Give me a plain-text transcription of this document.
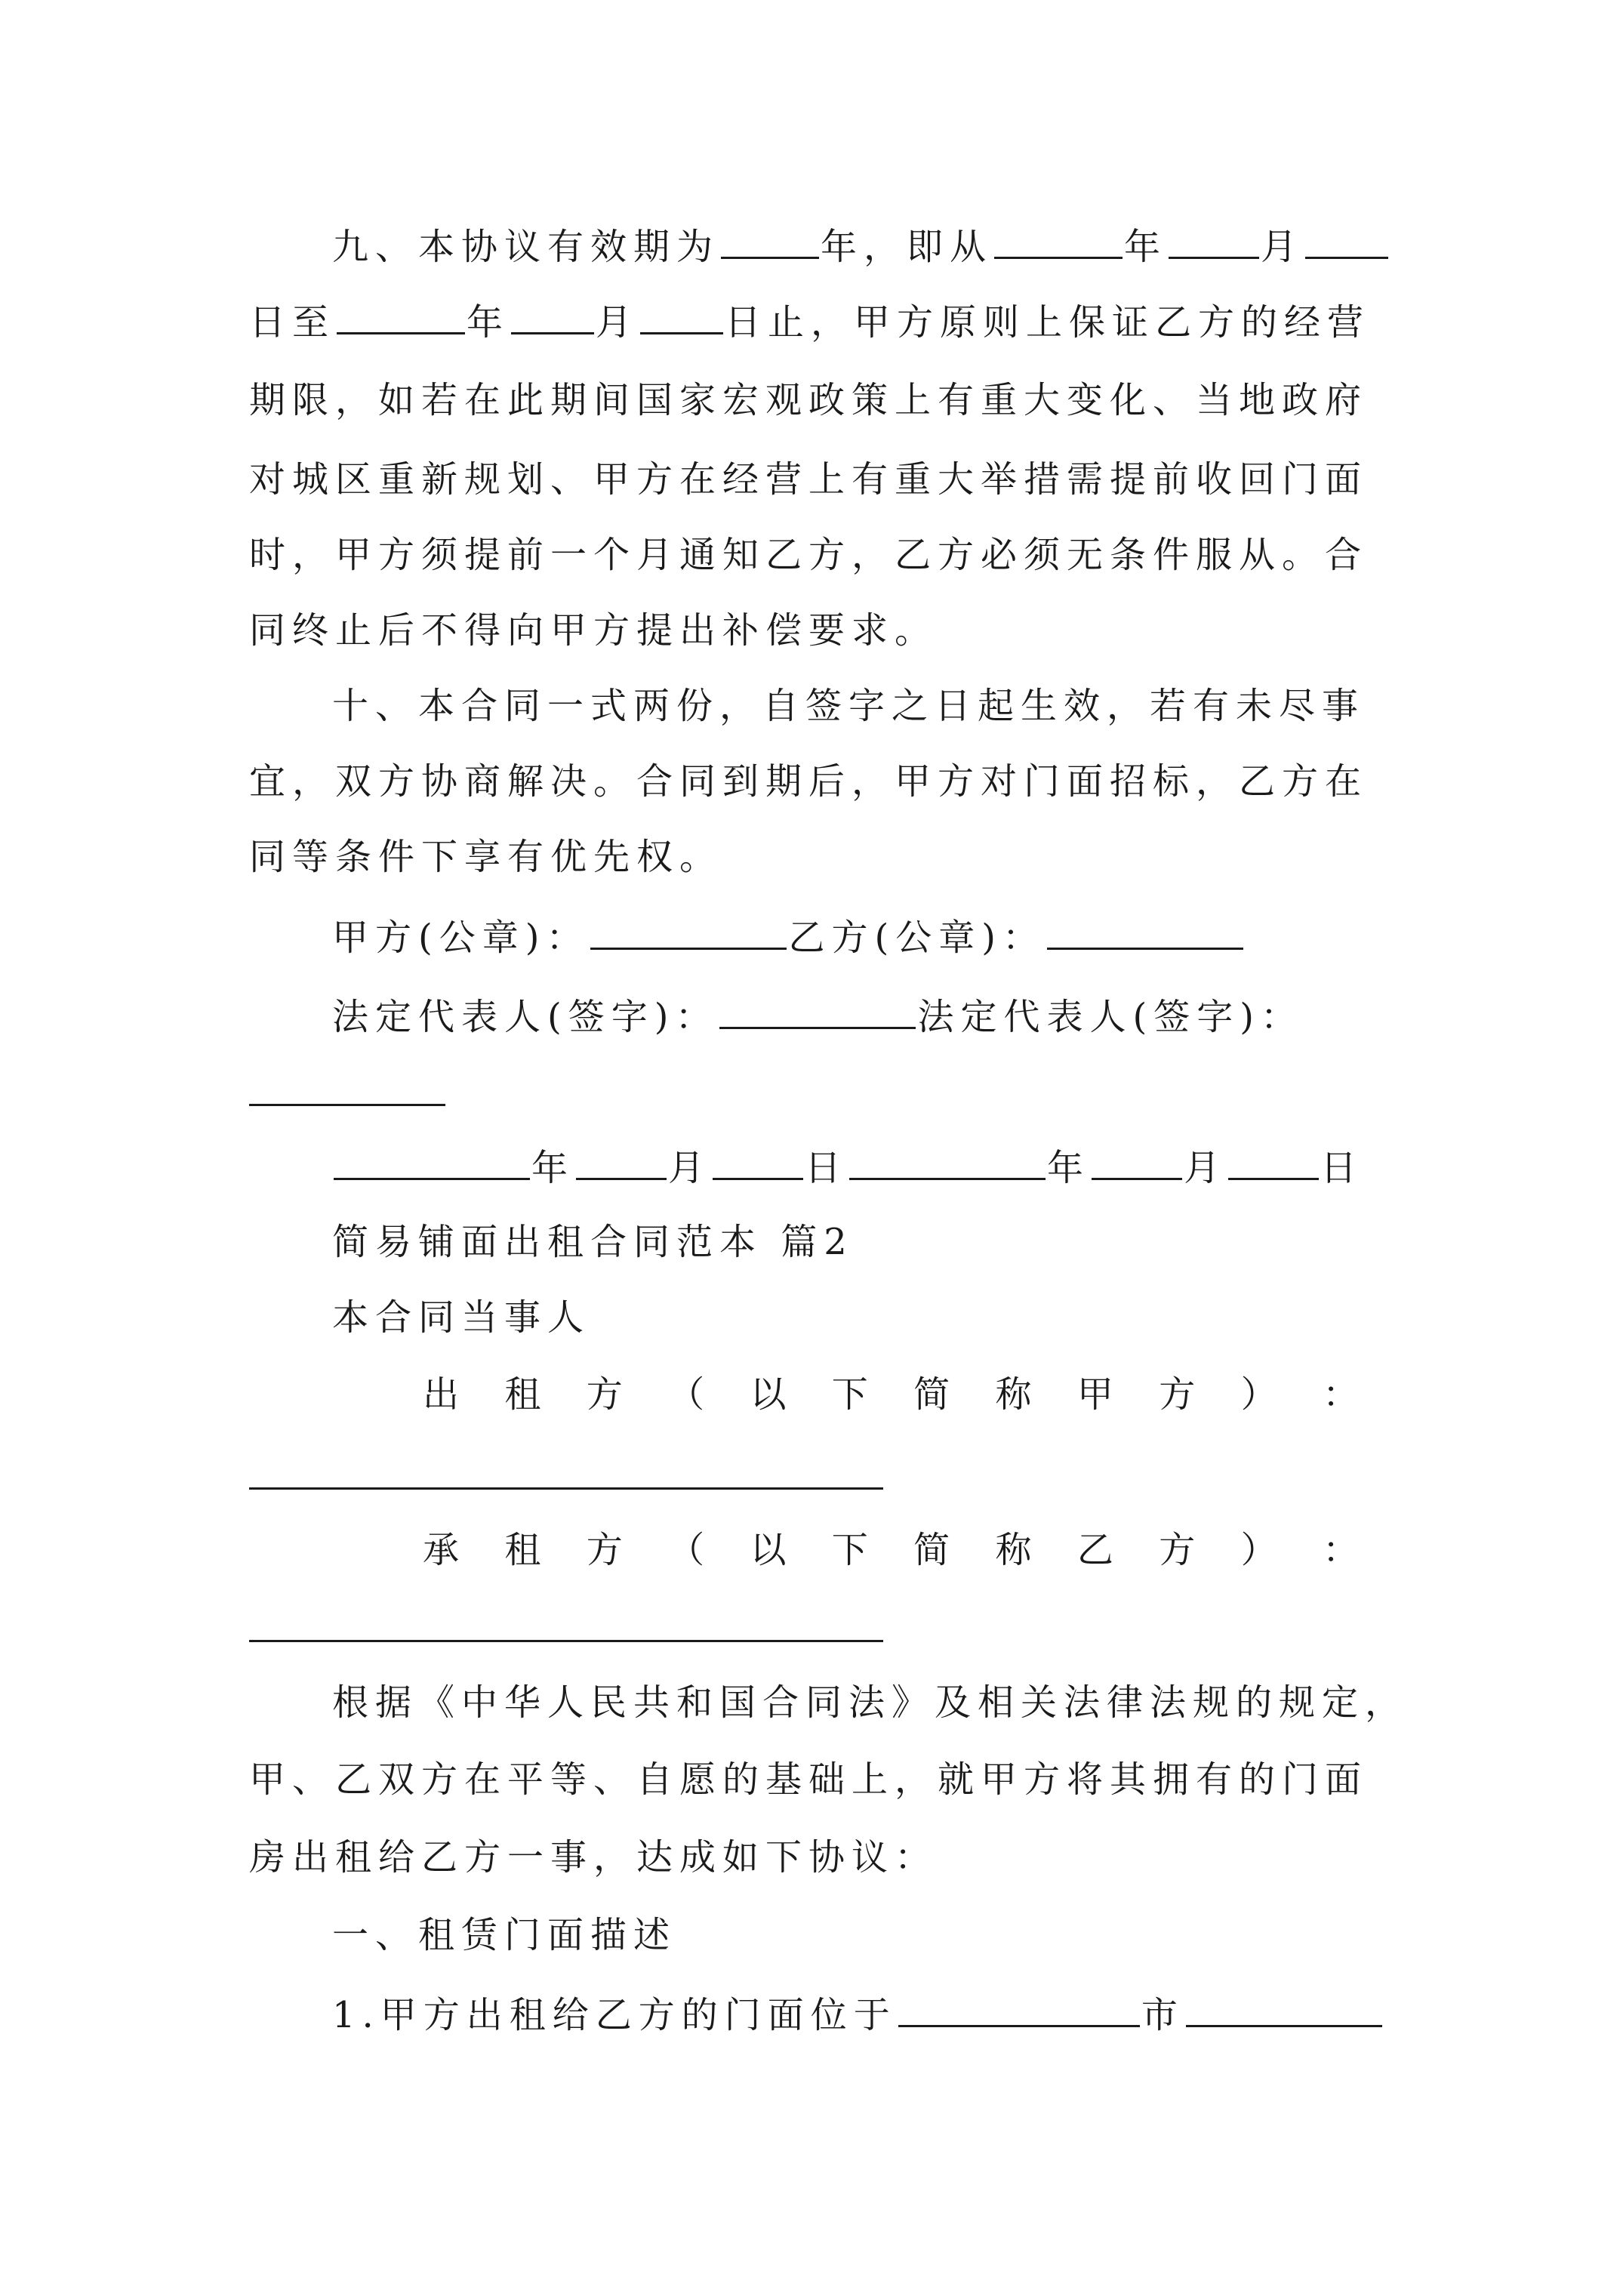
九、本协议有效期为	年，即从	年	月
日至	年 月 日止，甲方原则上保证乙方的经营
期限，如若在此期间国家宏观政策上有重大变化、当地政府
对城区重新规划、甲方在经营上有重大举措需提前收回门面
时，甲方须提前一个月通知乙方，乙方必须无条件服从。合
同终止后不得向甲方提出补偿要求。
十、本合同一式两份，自签字之日起生效，若有未尽事
宜，双方协商解决。合同到期后，甲方对门面招标，乙方在
同等条件下享有优先权。
甲方(公章)：	乙方(公章)：
法定代表人(签字)：	法定代表人(签字)：
年	月	日	年	月	日
简易铺面出租合同范本 篇2
本合同当事人
出 租 方 （ 以 下 简 称 甲 方 ） ：
承 租 方 （ 以 下 简 称 乙 方 ） ：
根据《中华人民共和国合同法》及相关法律法规的规定，
甲、乙双方在平等、自愿的基础上，就甲方将其拥有的门面
房出租给乙方一事，达成如下协议：
一、租赁门面描述
1.甲方出租给乙方的门面位于	市
